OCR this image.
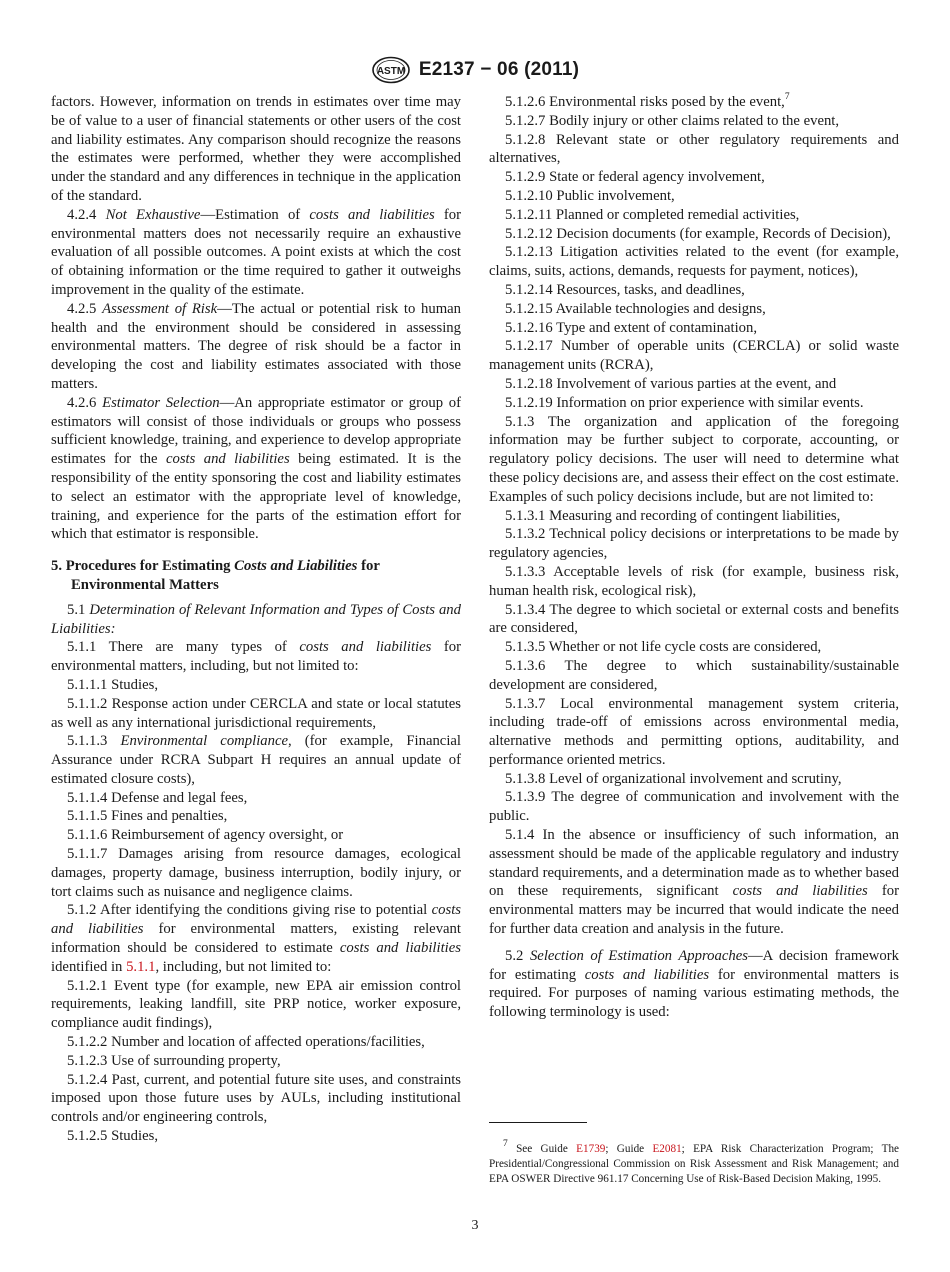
ASTM E2137 − 06 (2011)

factors. However, information on trends in estimates over time may be of value to a user of financial statements or other users of the cost and liability estimates. Any comparison should recognize the reasons the estimates were performed, whether they were accomplished under the standard and any differences in technique in the application of the standard.

4.2.4 Not Exhaustive—Estimation of costs and liabilities for environmental matters does not necessarily require an exhaustive evaluation of all possible outcomes. A point exists at which the cost of obtaining information or the time required to gather it outweighs improvement in the quality of the estimate.

4.2.5 Assessment of Risk—The actual or potential risk to human health and the environment should be considered in assessing environmental matters. The degree of risk should be a factor in developing the cost and liability estimates associated with those matters.

4.2.6 Estimator Selection—An appropriate estimator or group of estimators will consist of those individuals or groups who possess sufficient knowledge, training, and experience to develop appropriate estimates for the costs and liabilities being estimated. It is the responsibility of the entity sponsoring the cost and liability estimates to select an estimator with the appropriate level of knowledge, training, and experience for the parts of the estimation effort for which that estimator is responsible.

5. Procedures for Estimating Costs and Liabilities for Environmental Matters

5.1 Determination of Relevant Information and Types of Costs and Liabilities:

5.1.1 There are many types of costs and liabilities for environmental matters, including, but not limited to:

5.1.1.1 Studies,

5.1.1.2 Response action under CERCLA and state or local statutes as well as any international jurisdictional requirements,

5.1.1.3 Environmental compliance, (for example, Financial Assurance under RCRA Subpart H requires an annual update of estimated closure costs),

5.1.1.4 Defense and legal fees,

5.1.1.5 Fines and penalties,

5.1.1.6 Reimbursement of agency oversight, or

5.1.1.7 Damages arising from resource damages, ecological damages, property damage, business interruption, bodily injury, or tort claims such as nuisance and negligence claims.

5.1.2 After identifying the conditions giving rise to potential costs and liabilities for environmental matters, existing relevant information should be considered to estimate costs and liabilities identified in 5.1.1, including, but not limited to:

5.1.2.1 Event type (for example, new EPA air emission control requirements, leaking landfill, site PRP notice, worker exposure, compliance audit findings),

5.1.2.2 Number and location of affected operations/facilities,

5.1.2.3 Use of surrounding property,

5.1.2.4 Past, current, and potential future site uses, and constraints imposed upon those future uses by AULs, including institutional controls and/or engineering controls,

5.1.2.5 Studies,

5.1.2.6 Environmental risks posed by the event,$^7$

5.1.2.7 Bodily injury or other claims related to the event,

5.1.2.8 Relevant state or other regulatory requirements and alternatives,

5.1.2.9 State or federal agency involvement,

5.1.2.10 Public involvement,

5.1.2.11 Planned or completed remedial activities,

5.1.2.12 Decision documents (for example, Records of Decision),

5.1.2.13 Litigation activities related to the event (for example, claims, suits, actions, demands, requests for payment, notices),

5.1.2.14 Resources, tasks, and deadlines,

5.1.2.15 Available technologies and designs,

5.1.2.16 Type and extent of contamination,

5.1.2.17 Number of operable units (CERCLA) or solid waste management units (RCRA),

5.1.2.18 Involvement of various parties at the event, and

5.1.2.19 Information on prior experience with similar events.

5.1.3 The organization and application of the foregoing information may be further subject to corporate, accounting, or regulatory policy decisions. The user will need to determine what these policy decisions are, and assess their effect on the cost estimate. Examples of such policy decisions include, but are not limited to:

5.1.3.1 Measuring and recording of contingent liabilities,

5.1.3.2 Technical policy decisions or interpretations to be made by regulatory agencies,

5.1.3.3 Acceptable levels of risk (for example, business risk, human health risk, ecological risk),

5.1.3.4 The degree to which societal or external costs and benefits are considered,

5.1.3.5 Whether or not life cycle costs are considered,

5.1.3.6 The degree to which sustainability/sustainable development are considered,

5.1.3.7 Local environmental management system criteria, including trade-off of emissions across environmental media, alternative methods and permitting options, auditability, and performance oriented metrics.

5.1.3.8 Level of organizational involvement and scrutiny,

5.1.3.9 The degree of communication and involvement with the public.

5.1.4 In the absence or insufficiency of such information, an assessment should be made of the applicable regulatory and industry standard requirements, and a determination made as to whether based on these requirements, significant costs and liabilities for environmental matters may be incurred that would indicate the need for further data creation and analysis in the future.

5.2 Selection of Estimation Approaches—A decision framework for estimating costs and liabilities for environmental matters is required. For purposes of naming various estimating methods, the following terminology is used:

$^7$ See Guide E1739; Guide E2081; EPA Risk Characterization Program; The Presidential/Congressional Commission on Risk Assessment and Risk Management; and EPA OSWER Directive 961.17 Concerning Use of Risk-Based Decision Making, 1995.

3
